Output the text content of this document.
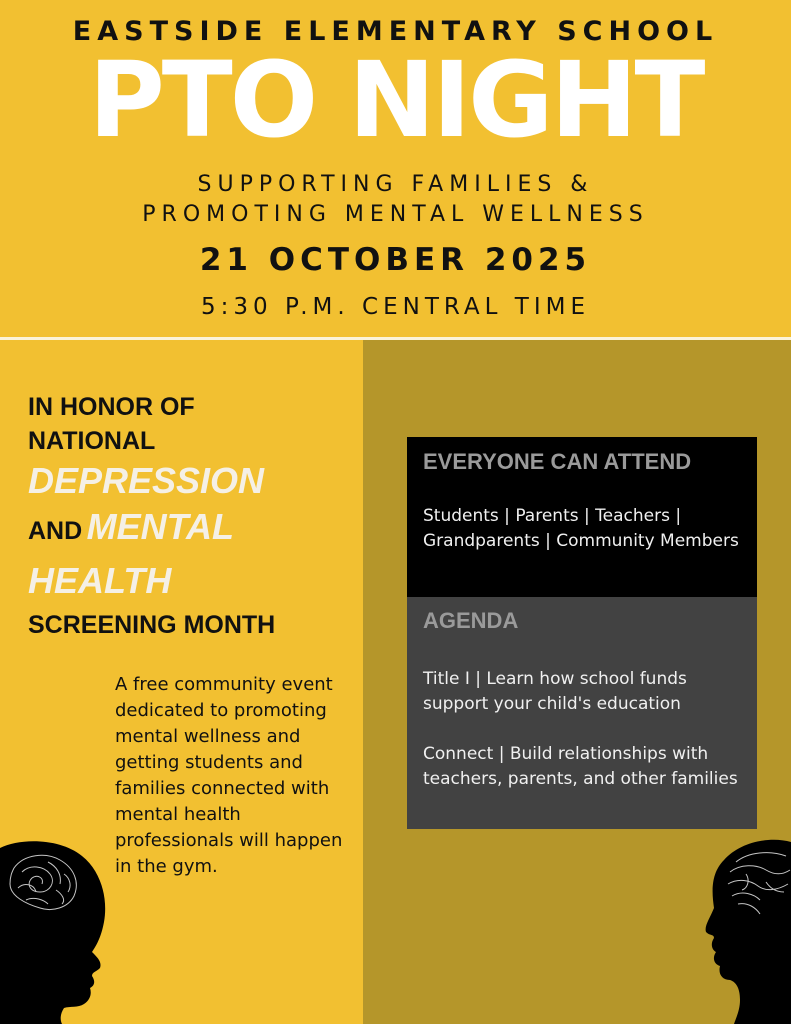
EASTSIDE ELEMENTARY SCHOOL
PTO NIGHT
SUPPORTING FAMILIES &
PROMOTING MENTAL WELLNESS
21 OCTOBER 2025
5:30 P.M. CENTRAL TIME
IN HONOR OF
NATIONAL
DEPRESSION
AND MENTAL
HEALTH
SCREENING MONTH
A free community event dedicated to promoting mental wellness and getting students and families connected with mental health professionals will happen in the gym.
EVERYONE CAN ATTEND
Students | Parents | Teachers | Grandparents | Community Members
AGENDA
Title I | Learn how school funds support your child's education
Connect | Build relationships with teachers, parents, and other families
